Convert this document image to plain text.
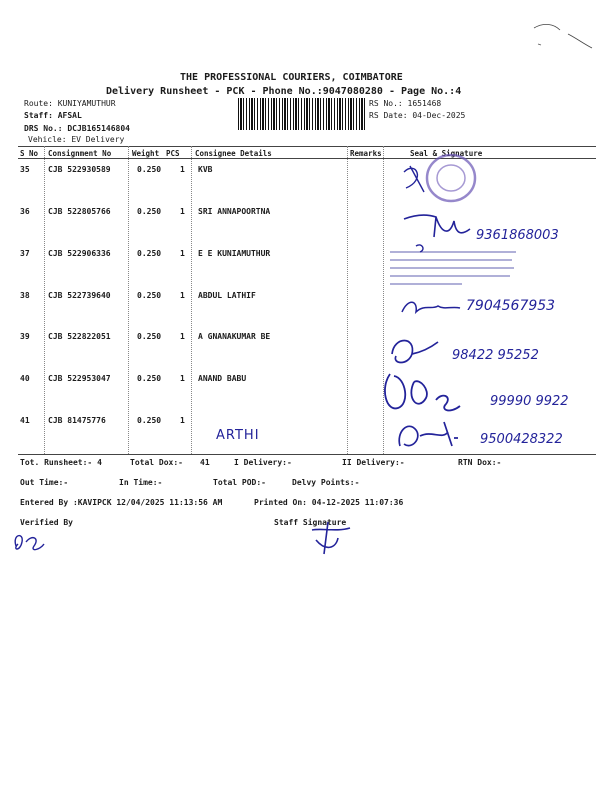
THE PROFESSIONAL COURIERS, COIMBATORE
Delivery Runsheet - PCK - Phone No.:9047080280 - Page No.:4
Route: KUNIYAMUTHUR
Staff: AFSAL
DRS No.: DCJB165146804
Vehicle: EV Delivery
RS No.: 1651468
RS Date: 04-Dec-2025
S No Consignment No	Weight PCS Consignee Details	Remarks	Seal & Signature
35 CJB 522930589	0.250 1 KVB
36 CJB 522805766	0.250 1 SRI ANNAPOORTNA
37 CJB 522906336	0.250 1 E E KUNIAMUTHUR
38 CJB 522739640	0.250 1 ABDUL LATHIF
39 CJB 522822051	0.250 1 A GNANAKUMAR BE
40 CJB 522953047	0.250 1 ANAND BABU
41 CJB 81475776	0.250 1
9361868003
7904567953
98422 95252
99990 9922
ARTHI	9500428322
Tot. Runsheet:- 4	Total Dox:- 41	I Delivery:-	II Delivery:-	RTN Dox:-
Out Time:-	In Time:-	Total POD:-	Delvy Points:-
Entered By :KAVIPCK 12/04/2025 11:13:56 AM	Printed On: 04-12-2025 11:07:36
Verified By	Staff Signature
